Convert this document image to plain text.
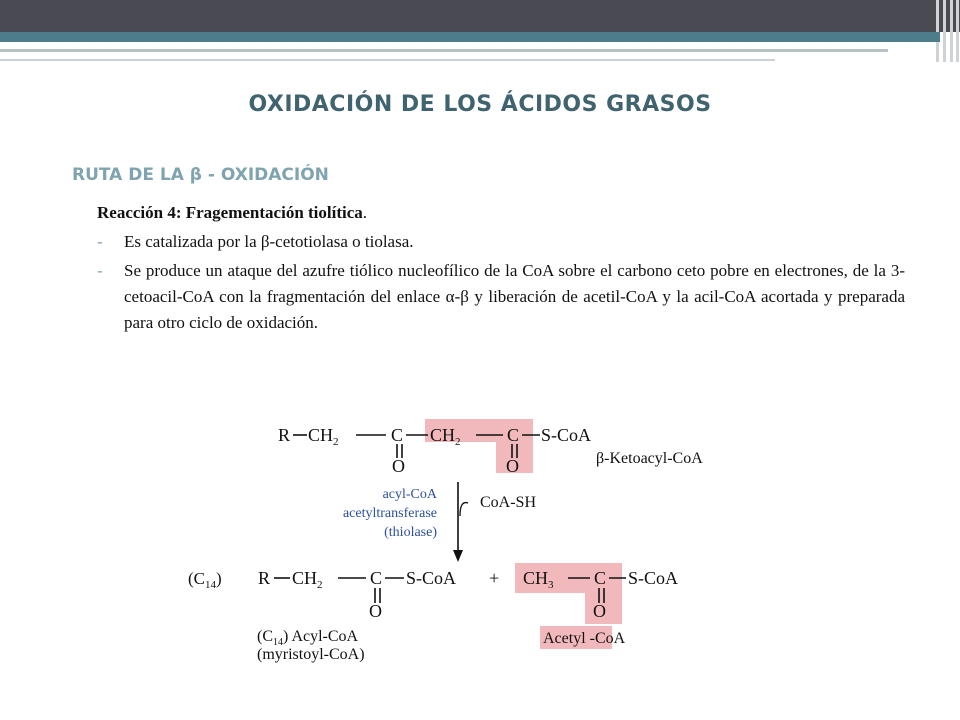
OXIDACIÓN DE LOS ÁCIDOS GRASOS
RUTA DE LA β - OXIDACIÓN
Reacción 4: Fragementación tiolítica.
-	Es catalizada por la β-cetotiolasa o tiolasa.
-	Se produce un ataque del azufre tiólico nucleofílico de la CoA sobre el carbono ceto pobre en electrones, de la 3-cetoacil-CoA con la fragmentación del enlace α-β y liberación de acetil-CoA y la acil-CoA acortada y preparada para otro ciclo de oxidación.
R $CH_2$	C
O
$CH_2$	C
O
S-CoA
β-Ketoacyl-CoA
CoA-SH
acyl-CoA
acetyltransferase
(thiolase)
$(C_{14})$ R $CH_2$	C
O
S-CoA +
$(C_{14})$ Acyl-CoA
(myristoyl-CoA)
$CH_3$ C
O
S-CoA
Acetyl -CoA
